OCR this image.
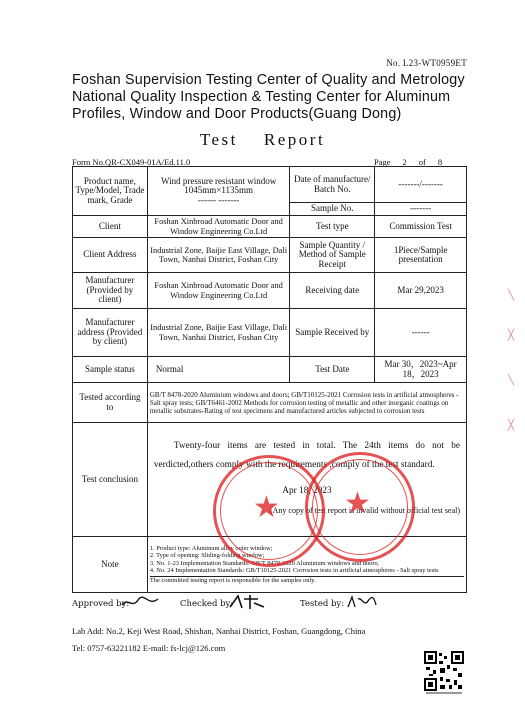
No. L23-WT0959ET
Foshan Supervision Testing Center of Quality and Metrology
National Quality Inspection & Testing Center for Aluminum
Profiles, Window and Door Products(Guang Dong)
Test Report
Form No.QR-CX049-01A/Ed.11.0	Page 2 of 8
Product name, Type/Model, Trade mark, Grade	Wind pressure resistant window
1045mm×1135mm
------ -------	Date of manufacture/ Batch No.	-------/-------
		Sample No.	-------
Client	Foshan Xinbroad Automatic Door and Window Engineering Co.Ltd	Test type	Commission Test
Client Address	Industrial Zone, Baijie East Village, Dali Town, Nanhai District, Foshan City	Sample Quantity / Method of Sample Receipt	1Piece/Sample presentation
Manufacturer (Provided by client)	Foshan Xinbroad Automatic Door and Window Engineering Co.Ltd	Receiving date	Mar 29,2023
Manufacturer address (Provided by client)	Industrial Zone, Baijie East Village, Dali Town, Nanhai District, Foshan City	Sample Received by	------
Sample status	Normal	Test Date	Mar 30，2023~Apr 18，2023
Tested according to	GB/T 8478-2020 Aluminium windows and doors; GB/T10125-2021 Corrosion tests in artificial atmospheres - Salt spray tests; GB/T6461-2002 Methods for corrosion testing of metallic and other inorganic coatings on metallic substrates-Rating of test specimens and manufactured articles subjected to corrosion tests		
Test conclusion	Twenty-four items are tested in total. The 24th items do not be verdicted,others comply with the requirements ,comply of the test standard.
Apr 18, 2023
(Any copy of test report is invalid without official test seal)		

Note	1. Product type: Aluminum alloy outer window;
2. Type of opening: Sliding-folding window;
3. No. 1-23 Implementation Standards: GB/T 8478-2020 Aluminium windows and doors;
4. No. 24 Implementation Standards: GB/T10125-2021 Corrosion tests in artificial atmospheres - Salt spray tests
The committed testing report is responsible for the samples only.		
★ ★
Approved by:	Checked by:	Tested by:
Lab Add: No.2, Keji West Road, Shishan, Nanhai District, Foshan, Guangdong, China
Tel: 0757-63221182 E-mail: fs-lcj@126.com
╲
╳
╲
╳
